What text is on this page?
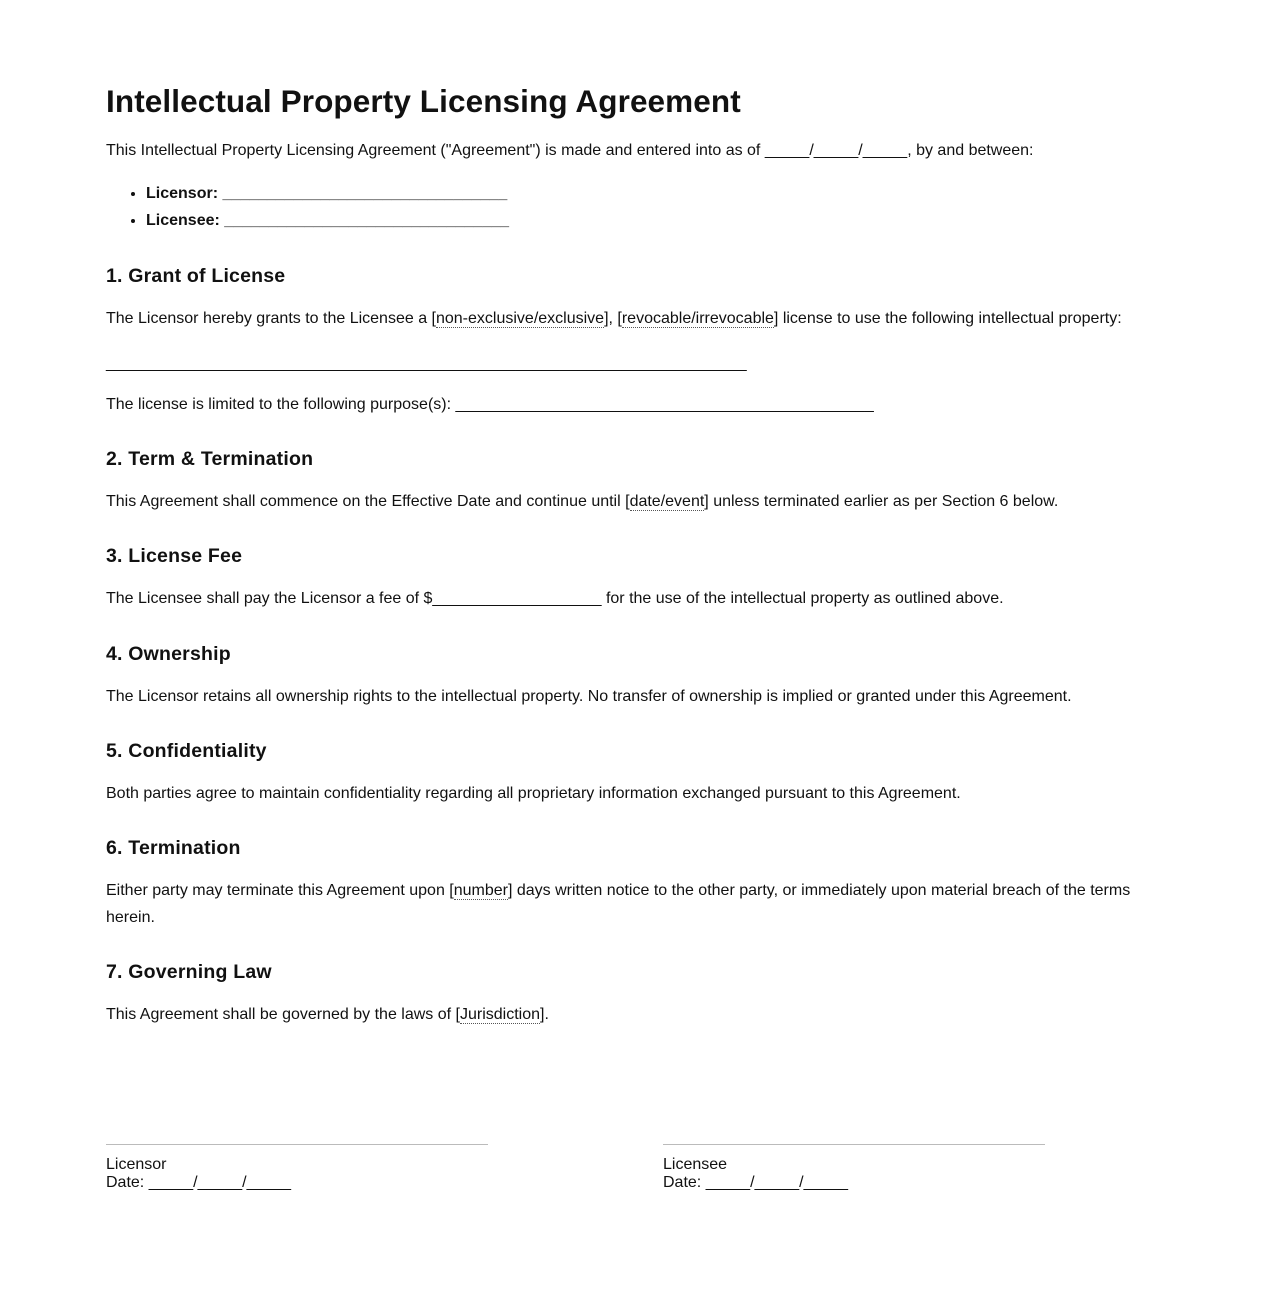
Intellectual Property Licensing Agreement

This Intellectual Property Licensing Agreement ("Agreement") is made and entered into as of _____/_____/_____, by and between:

• Licensor: ________________________________
• Licensee: ________________________________
1. Grant of License

The Licensor hereby grants to the Licensee a [non-exclusive/exclusive], [revocable/irrevocable] license to use the following intellectual property:

________________________________________________________________________

The license is limited to the following purpose(s): _______________________________________________

2. Term & Termination

This Agreement shall commence on the Effective Date and continue until [date/event] unless terminated earlier as per Section 6 below.

3. License Fee

The Licensee shall pay the Licensor a fee of $___________________ for the use of the intellectual property as outlined above.

4. Ownership

The Licensor retains all ownership rights to the intellectual property. No transfer of ownership is implied or granted under this Agreement.

5. Confidentiality

Both parties agree to maintain confidentiality regarding all proprietary information exchanged pursuant to this Agreement.

6. Termination

Either party may terminate this Agreement upon [number] days written notice to the other party, or immediately upon material breach of the terms herein.

7. Governing Law

This Agreement shall be governed by the laws of [Jurisdiction].

Licensor
Date: _____/_____/_____
Licensee
Date: _____/_____/_____
